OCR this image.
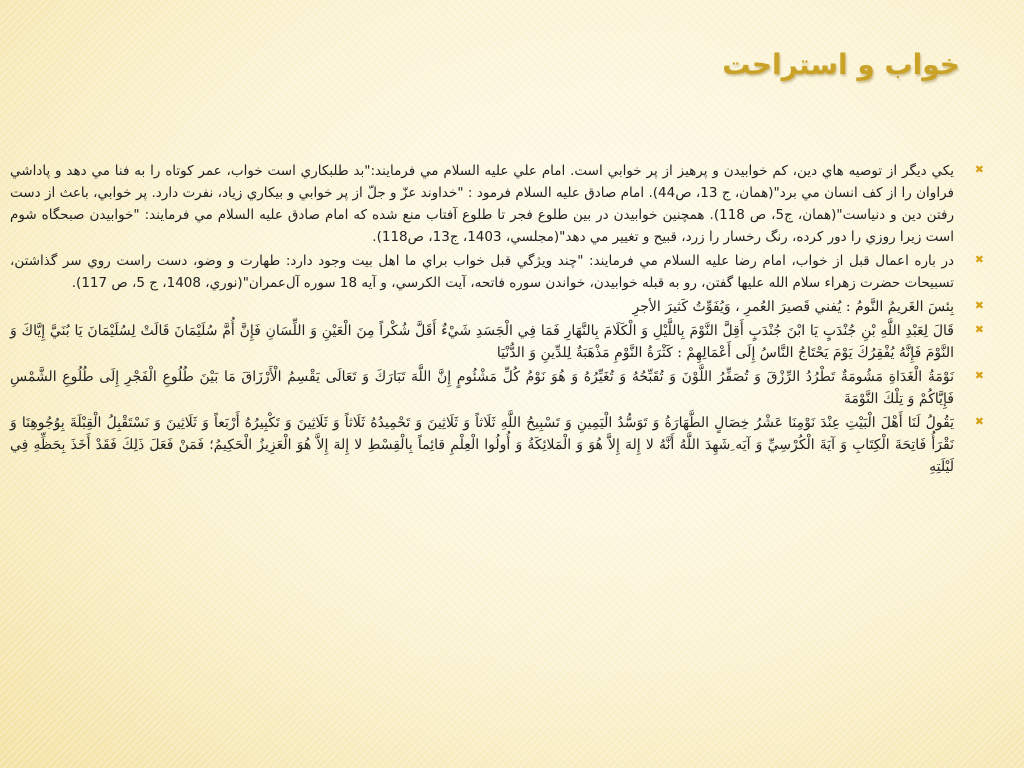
خواب و استراحت
✖
يكي ديگر از توصيه هاي دين، كم خوابيدن و پرهيز از پر خوابي است. امام علي عليه السلام مي فرمايند:"بد طلبكاري است خواب، عمر كوتاه را به فنا مي دهد و پاداشي فراوان را از كف انسان مي برد"(همان، ج 13، ص44). امام صادق عليه السلام فرمود : "خداوند عزّ و جلّ از پر خوابي و بيكاري زياد، نفرت دارد. پر خوابي، باعث از دست رفتن دين و دنياست"(همان، ج5، ص 118). همچنين خوابيدن در بين طلوع فجر تا طلوع آفتاب منع شده كه امام صادق عليه السلام مي فرمايند: "خوابيدن صبحگاه شوم است زيرا روزي را دور كرده، رنگ رخسار را زرد، قبيح و تغيير مي دهد"(مجلسي، 1403، ج13، ص118).
✖
در باره اعمال قبل از خواب، امام رضا عليه السلام مي فرمايند: "چند ويژگي قبل خواب براي ما اهل بيت وجود دارد: طهارت و وضو، دست راست روي سر گذاشتن، تسبيحات حضرت زهراء سلام الله عليها گفتن، رو به قبله خوابيدن، خواندن سوره فاتحه، آيت الكرسي، و آيه 18 سوره آل‌عمران"(نوري، 1408، ج 5، ص 117).
✖
بِئسَ الغَريمُ النَّومُ : يُفني قَصيرَ العُمرِ ، وَيُفَوِّتُ كَثيرَ الأجرِ
✖
قَالَ لِعَبْدِ اللَّهِ بْنِ جُنْدَبٍ يَا ابْنَ جُنْدَبٍ أَقِلَّ النَّوْمَ بِاللَّيْلِ وَ الْكَلَامَ بِالنَّهَارِ فَمَا فِي الْجَسَدِ شَيْ‏ءٌ أَقَلَّ شُكْراً مِنَ الْعَيْنِ وَ اللِّسَانِ فَإِنَّ أُمَّ سُلَيْمَانَ قَالَتْ لِسُلَيْمَانَ يَا بُنَيَّ إِيَّاكَ وَ النَّوْمَ فَإِنَّهُ يُفْقِرُكَ يَوْمَ يَحْتَاجُ النَّاسُ إِلَى أَعْمَالِهِمْ : كَثْرَةُ النَّوْمِ مَذْهَبَةٌ لِلدِّينِ وَ الدُّنْيَا
✖
نَوْمَةُ الْغَدَاةِ مَشُومَةٌ تَطْرُدُ الرِّزْقَ وَ تُصَفِّرُ اللَّوْنَ وَ تُقَبِّحُهُ وَ تُغَيِّرُهُ وَ هُوَ نَوْمُ كُلِّ مَشْئُومٍ إِنَّ اللَّهَ تَبَارَكَ وَ تَعَالَى يَقْسِمُ الْأَرْزَاقَ مَا بَيْنَ طُلُوعِ الْفَجْرِ إِلَى طُلُوعِ الشَّمْسِ فَإِيَّاكُمْ وَ تِلْكَ النَّوْمَةَ
✖
يَقُولُ لَنَا أَهْلَ الْبَيْتِ عِنْدَ نَوْمِنَا عَشْرُ خِصَالٍ الطَّهَارَةُ وَ تَوَسُّدُ الْيَمِينِ وَ تَسْبِيحُ اللَّهِ ثَلَاثاً وَ ثَلَاثِينَ وَ تَحْمِيدُهُ ثَلَاثاً وَ ثَلَاثِينَ وَ تَكْبِيرُهُ أَرْبَعاً وَ ثَلَاثِينَ وَ نَسْتَقْبِلُ الْقِبْلَةَ بِوُجُوهِنَا وَ نَقْرَأُ فَاتِحَةَ الْكِتَابِ وَ آيَةَ الْكُرْسِيِّ وَ آيَه ِشَهِدَ اللَّهُ أَنَّهُ لا إِلهَ إِلاَّ هُوَ وَ الْمَلائِكَةُ وَ أُولُوا الْعِلْمِ قائِماً بِالْقِسْطِ لا إِلهَ إِلاَّ هُوَ الْعَزِيزُ الْحَكِيمُ؛ فَمَنْ فَعَلَ ذَلِكَ فَقَدْ أَخَذَ بِحَظِّهِ فِي لَيْلَتِهِ
